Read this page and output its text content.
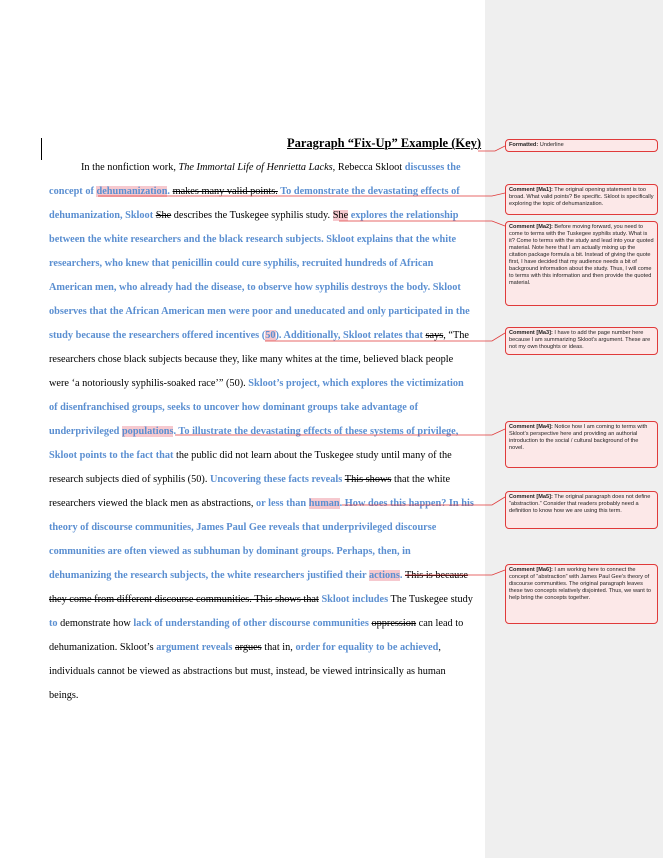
Paragraph “Fix-Up” Example (Key)
In the nonfiction work, The Immortal Life of Henrietta Lacks, Rebecca Skloot discusses the
concept of dehumanization. makes many valid points. To demonstrate the devastating effects of
dehumanization, Skloot She describes the Tuskegee syphilis study. She explores the relationship
between the white researchers and the black research subjects. Skloot explains that the white
researchers, who knew that penicillin could cure syphilis, recruited hundreds of African
American men, who already had the disease, to observe how syphilis destroys the body. Skloot
observes that the African American men were poor and uneducated and only participated in the
study because the researchers offered incentives (50). Additionally, Skloot relates that says, “The
researchers chose black subjects because they, like many whites at the time, believed black people
were ‘a notoriously syphilis-soaked race’” (50). Skloot’s project, which explores the victimization
of disenfranchised groups, seeks to uncover how dominant groups take advantage of
underprivileged populations. To illustrate the devastating effects of these systems of privilege,
Skloot points to the fact that the public did not learn about the Tuskegee study until many of the
research subjects died of syphilis (50). Uncovering these facts reveals This shows that the white
researchers viewed the black men as abstractions, or less than human. How does this happen? In his
theory of discourse communities, James Paul Gee reveals that underprivileged discourse
communities are often viewed as subhuman by dominant groups. Perhaps, then, in
dehumanizing the research subjects, the white researchers justified their actions. This is because
they come from different discourse communities. This shows that Skloot includes The Tuskegee study
to demonstrate how lack of understanding of other discourse communities oppression can lead to
dehumanization. Skloot’s argument reveals argues that in, order for equality to be achieved,
individuals cannot be viewed as abstractions but must, instead, be viewed intrinsically as human
beings.
Formatted: Underline
Comment [Ma1]: The original opening statement is too broad. What valid points? Be specific. Skloot is specifically exploring the topic of dehumanization.
Comment [Ma2]: Before moving forward, you need to come to terms with the Tuskegee syphilis study. What is it? Come to terms with the study and lead into your quoted material. Note here that I am actually mixing up the citation package formula a bit. Instead of giving the quote first, I have decided that my audience needs a bit of background information about the study. Thus, I will come to terms with this information and then provide the quoted material.
Comment [Ma3]: I have to add the page number here because I am summarizing Skloot’s argument. These are not my own thoughts or ideas.
Comment [Ma4]: Notice how I am coming to terms with Skloot’s perspective here and providing an authorial introduction to the social / cultural background of the novel.
Comment [Ma5]: The original paragraph does not define “abstraction.” Consider that readers probably need a definition to know how we are using this term.
Comment [Ma6]: I am working here to connect the concept of “abstraction” with James Paul Gee’s theory of discourse communities. The original paragraph leaves these two concepts relatively disjointed. Thus, we want to help bring the concepts together.
